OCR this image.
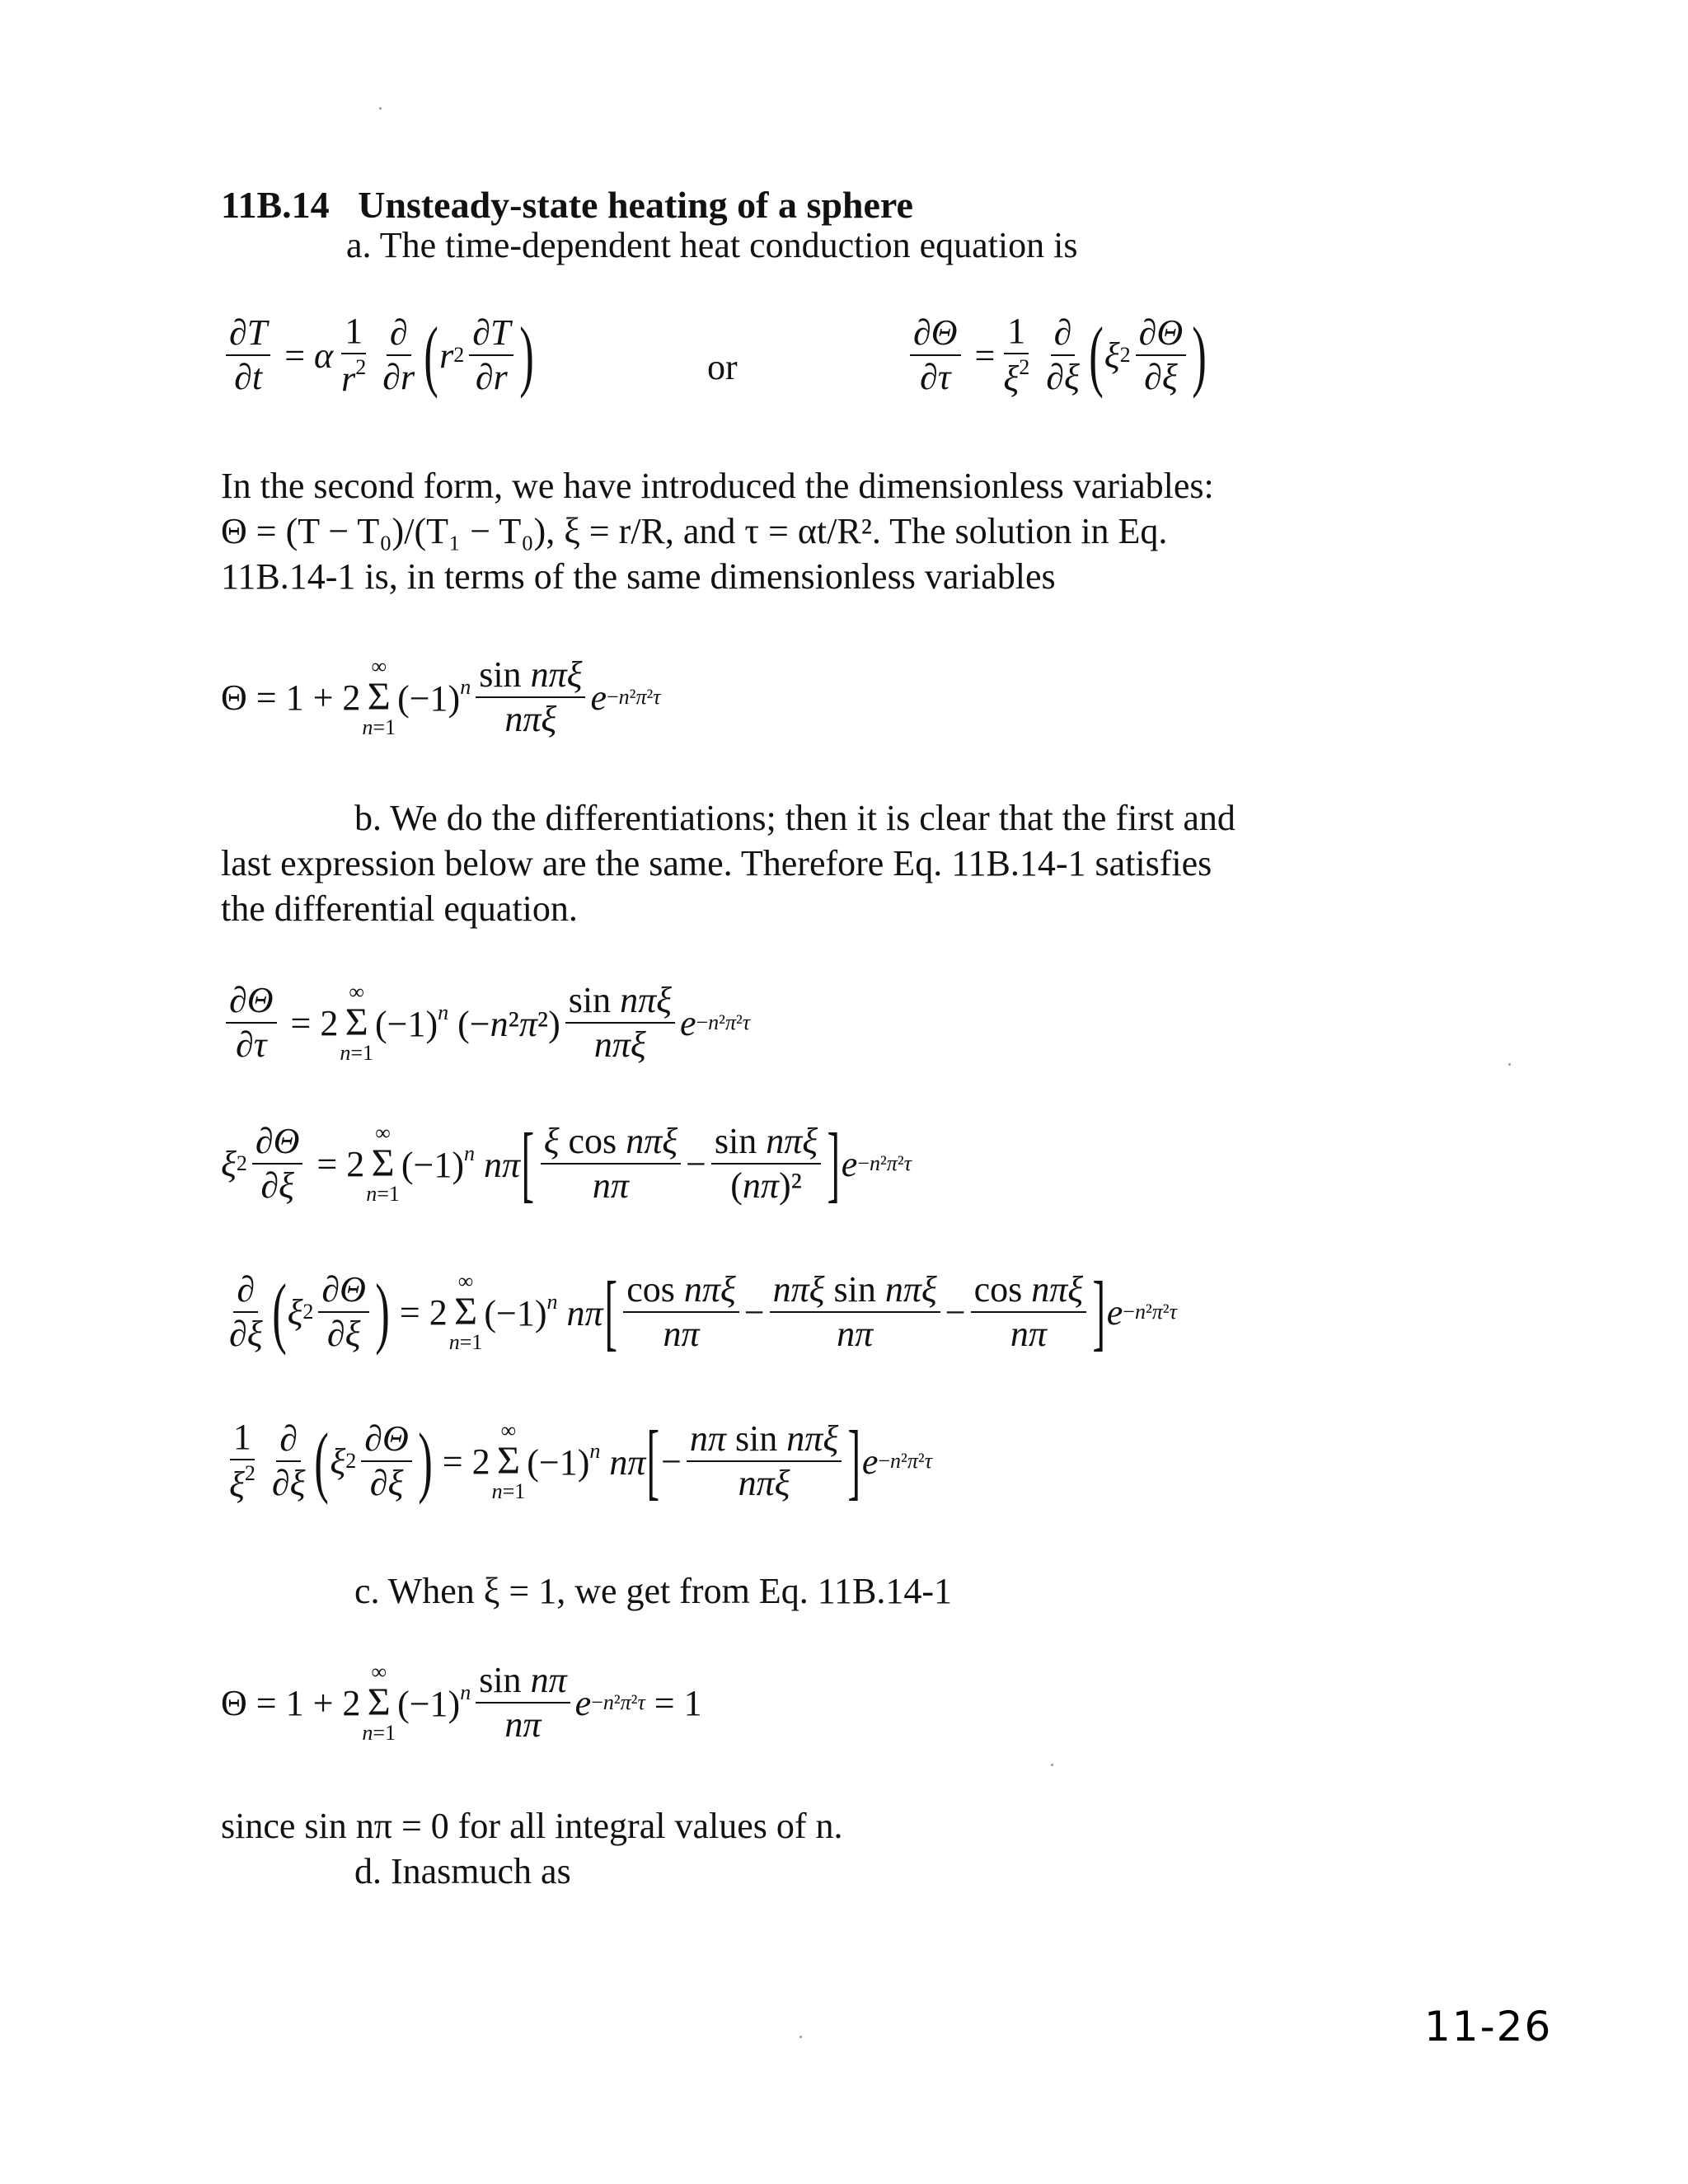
11B.14 Unsteady-state heating of a sphere
a. The time-dependent heat conduction equation is
$\frac{\partial T}{\partial t} = \alpha \frac{1}{r^2} \frac{\partial}{\partial r}$ ( r $2 \frac{\partial T}{\partial r}$ )	or	$\frac{\partial\Theta}{\partial\tau} = \frac{1}{\xi^2} \frac{\partial}{\partial\xi}$ ( ξ $2 \frac{\partial\Theta}{\partial\xi}$ )

In the second form, we have introduced the dimensionless variables:

Θ = (T − T₀)/(T₁ − T₀), ξ = r/R, and τ = αt/R². The solution in Eq.

11B.14-1 is, in terms of the same dimensionless variables

Θ = 1 + 2
∞
Σ
n=1
$(-1)^n \frac{\text{sin nπξ}}{\text{nπξ}}$ e −n²π²τ

b. We do the differentiations; then it is clear that the first and

last expression below are the same. Therefore Eq. 11B.14-1 satisfies

the differential equation.

$\frac{\partial\Theta}{\partial\tau} = 2$
∞
Σ
n=1
$(-1)^n$ $(-n^2\pi^2) \frac{\text{sin nπξ}}{\text{nπξ}}$ e −n²π²τ
ξ $2 \frac{\partial\Theta}{\partial\xi} = 2$
∞
Σ
n=1
$(-1)^n$ nπ [ $\frac{\text{ξ cos nπξ}}{n\pi} - \frac{\text{sin nπξ}}{\text{(nπ)²}}$ ] e −n²π²τ
$\frac{\partial}{\partial\xi}$ ( ξ $2 \frac{\partial\Theta}{\partial\xi}$ ) = 2
∞
Σ
n=1
$(-1)^n$ nπ [ $\frac{\text{cos nπξ}}{n\pi} - \frac{\text{nπξ sin nπξ}}{n\pi} - \frac{\text{cos nπξ}}{n\pi}$ ] e −n²π²τ
$\frac{1}{\xi^2} \frac{\partial}{\partial\xi}$ ( ξ $2 \frac{\partial\Theta}{\partial\xi}$ ) = 2
∞
Σ
n=1
$(-1)^n$ nπ [ − $\frac{\text{nπ sin nπξ}}{\text{nπξ}}$ ] e −n²π²τ
c. When ξ = 1, we get from Eq. 11B.14-1
Θ = 1 + 2
∞
Σ
n=1
$(-1)^n \frac{\text{sin nπ}}{n\pi}$ e −n²π²τ = 1
since sin nπ = 0 for all integral values of n.
d. Inasmuch as
11-26
